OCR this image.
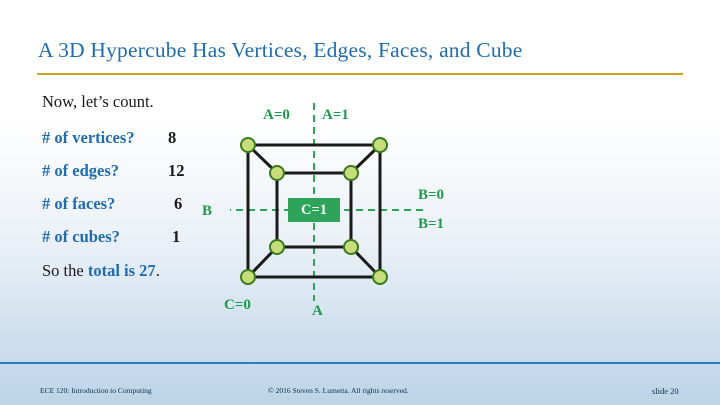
A 3D Hypercube Has Vertices, Edges, Faces, and Cube
Now, let’s count.
# of vertices? 8
# of edges?	12
# of faces?	6
# of cubes?	1
So the total is 27.
A=0 A=1
B
B=0
B=1
C=0	A
C=1
ECE 120: Introduction to Computing	© 2016 Steven S. Lumetta. All rights reserved.	slide 20
